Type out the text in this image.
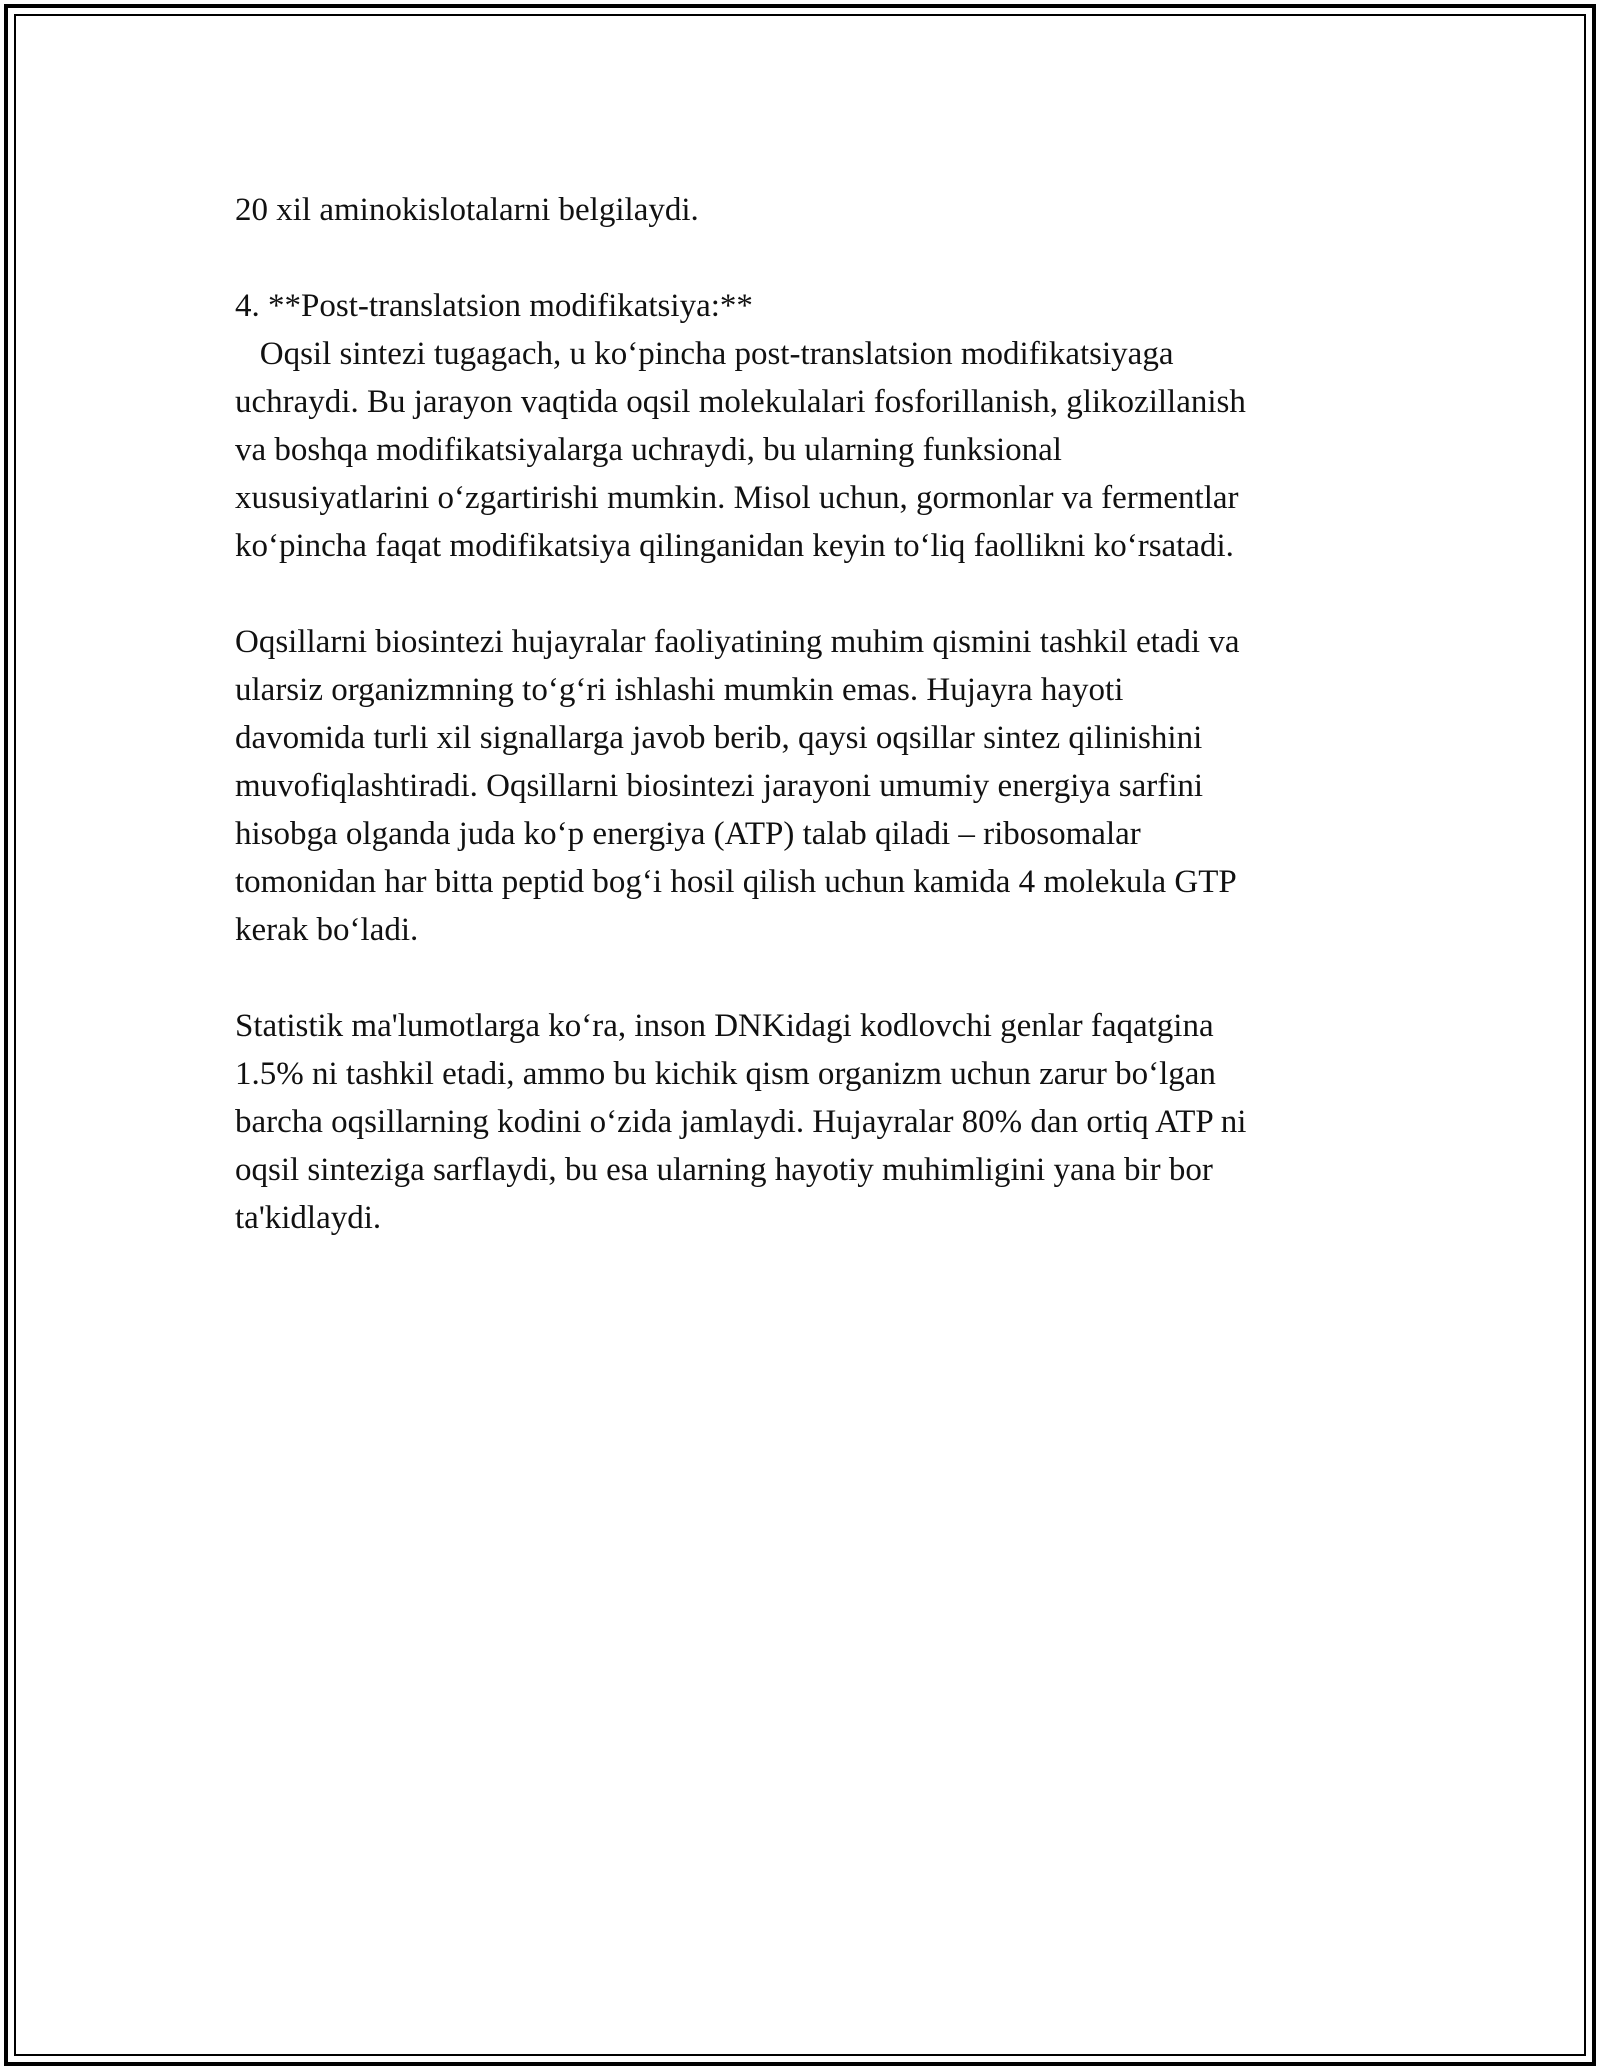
20 xil aminokislotalarni belgilaydi.
4. **Post-translatsion modifikatsiya:**
Oqsil sintezi tugagach, u ko‘pincha post-translatsion modifikatsiyaga
uchraydi. Bu jarayon vaqtida oqsil molekulalari fosforillanish, glikozillanish
va boshqa modifikatsiyalarga uchraydi, bu ularning funksional
xususiyatlarini o‘zgartirishi mumkin. Misol uchun, gormonlar va fermentlar
ko‘pincha faqat modifikatsiya qilinganidan keyin to‘liq faollikni ko‘rsatadi.
Oqsillarni biosintezi hujayralar faoliyatining muhim qismini tashkil etadi va
ularsiz organizmning to‘g‘ri ishlashi mumkin emas. Hujayra hayoti
davomida turli xil signallarga javob berib, qaysi oqsillar sintez qilinishini
muvofiqlashtiradi. Oqsillarni biosintezi jarayoni umumiy energiya sarfini
hisobga olganda juda ko‘p energiya (ATP) talab qiladi – ribosomalar
tomonidan har bitta peptid bog‘i hosil qilish uchun kamida 4 molekula GTP
kerak bo‘ladi.
Statistik ma'lumotlarga ko‘ra, inson DNKidagi kodlovchi genlar faqatgina
1.5% ni tashkil etadi, ammo bu kichik qism organizm uchun zarur bo‘lgan
barcha oqsillarning kodini o‘zida jamlaydi. Hujayralar 80% dan ortiq ATP ni
oqsil sinteziga sarflaydi, bu esa ularning hayotiy muhimligini yana bir bor
ta'kidlaydi.
